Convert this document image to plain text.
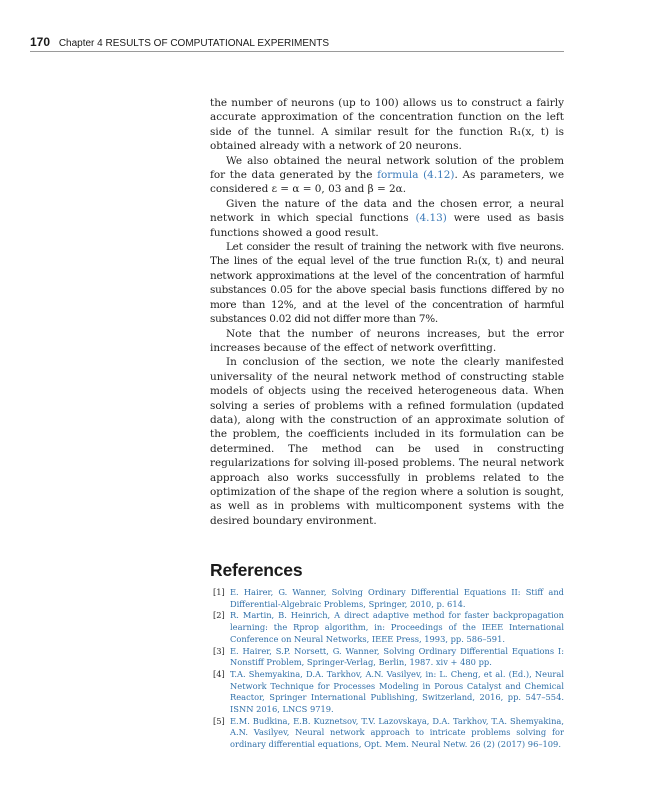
170 Chapter 4 RESULTS OF COMPUTATIONAL EXPERIMENTS

the number of neurons (up to 100) allows us to construct a fairly accurate approximation of the concentration function on the left side of the tunnel. A similar result for the function R₁(x, t) is obtained already with a network of 20 neurons.

We also obtained the neural network solution of the problem for the data generated by the formula (4.12). As parameters, we considered ε = α = 0, 03 and β = 2α.

Given the nature of the data and the chosen error, a neural network in which special functions (4.13) were used as basis functions showed a good result.

Let consider the result of training the network with five neurons. The lines of the equal level of the true function R₁(x, t) and neural network approximations at the level of the concentration of harmful substances 0.05 for the above special basis functions differed by no more than 12%, and at the level of the concentration of harmful substances 0.02 did not differ more than 7%.

Note that the number of neurons increases, but the error increases because of the effect of network overfitting.

In conclusion of the section, we note the clearly manifested universality of the neural network method of constructing stable models of objects using the received heterogeneous data. When solving a series of problems with a refined formulation (updated data), along with the construction of an approximate solution of the problem, the coefficients included in its formulation can be determined. The method can be used in constructing regularizations for solving ill-posed problems. The neural network approach also works successfully in problems related to the optimization of the shape of the region where a solution is sought, as well as in problems with multicomponent systems with the desired boundary environment.

References
[1] E. Hairer, G. Wanner, Solving Ordinary Differential Equations II: Stiff and Differential-Algebraic Problems, Springer, 2010, p. 614.
[2] R. Martin, B. Heinrich, A direct adaptive method for faster backpropagation learning: the Rprop algorithm, in: Proceedings of the IEEE International Conference on Neural Networks, IEEE Press, 1993, pp. 586–591.
[3] E. Hairer, S.P. Norsett, G. Wanner, Solving Ordinary Differential Equations I: Nonstiff Problem, Springer-Verlag, Berlin, 1987. xiv + 480 pp.
[4] T.A. Shemyakina, D.A. Tarkhov, A.N. Vasilyev, in: L. Cheng, et al. (Ed.), Neural Network Technique for Processes Modeling in Porous Catalyst and Chemical Reactor, Springer International Publishing, Switzerland, 2016, pp. 547–554. ISNN 2016, LNCS 9719.
[5] E.M. Budkina, E.B. Kuznetsov, T.V. Lazovskaya, D.A. Tarkhov, T.A. Shemyakina, A.N. Vasilyev, Neural network approach to intricate problems solving for ordinary differential equations, Opt. Mem. Neural Netw. 26 (2) (2017) 96–109.
